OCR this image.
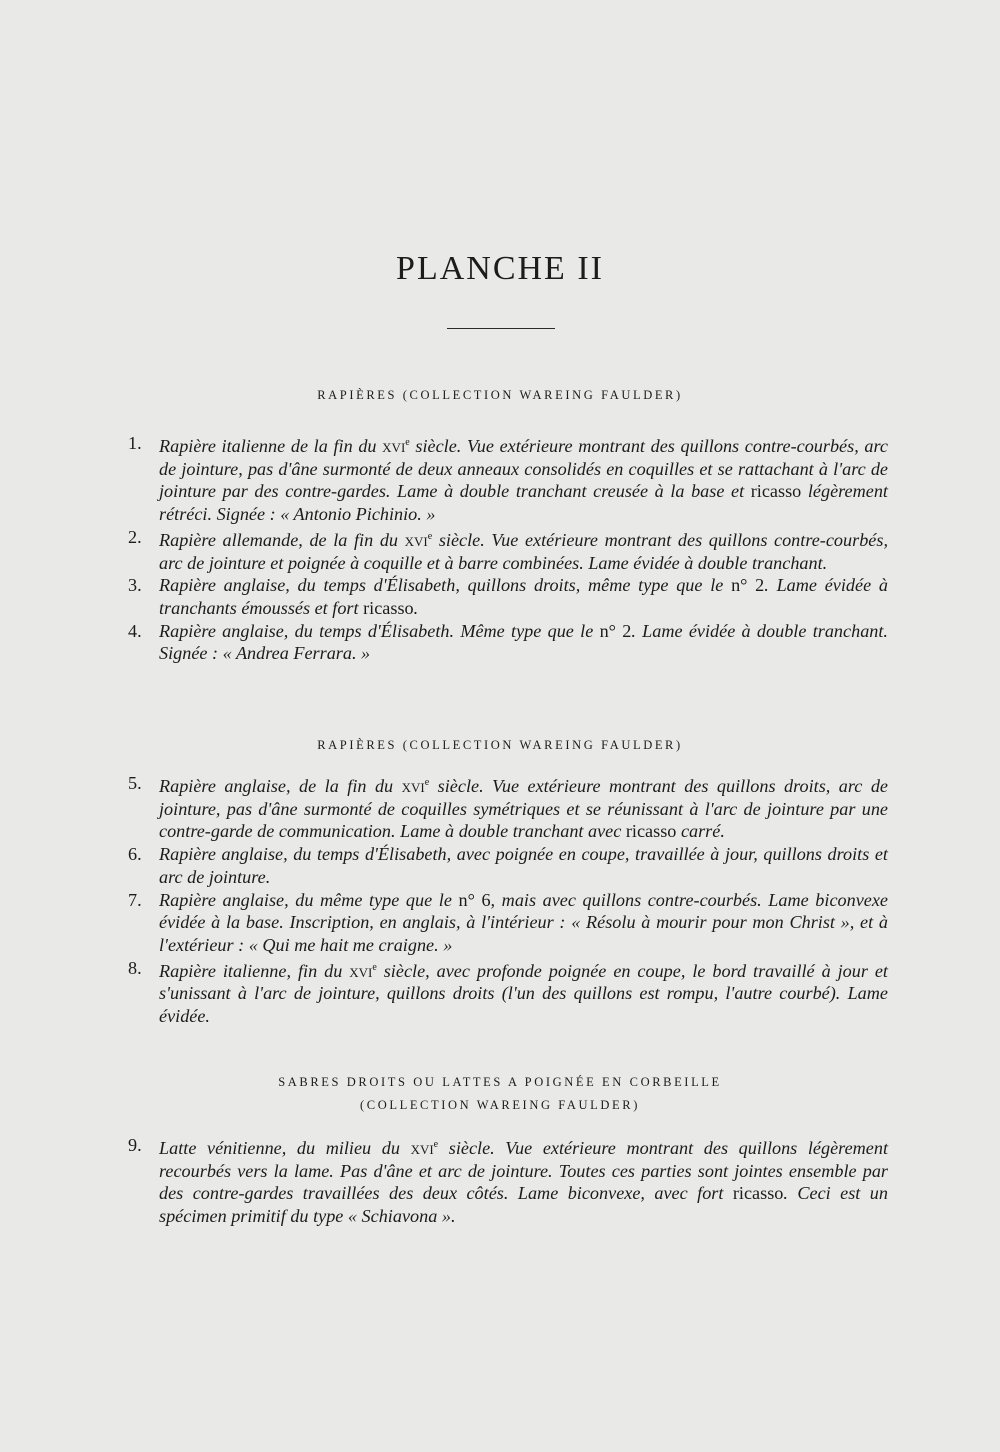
PLANCHE II
RAPIÈRES (COLLECTION WAREING FAULDER)
1. Rapière italienne de la fin du xvi$^e$ siècle. Vue extérieure montrant des quillons contre-courbés, arc de jointure, pas d'âne surmonté de deux anneaux consolidés en coquilles et se rattachant à l'arc de jointure par des contre-gardes. Lame à double tranchant creusée à la base et ricasso légèrement rétréci. Signée : « Antonio Pichinio. »
2. Rapière allemande, de la fin du xvi$^e$ siècle. Vue extérieure montrant des quillons contre-courbés, arc de jointure et poignée à coquille et à barre combinées. Lame évidée à double tranchant.
3. Rapière anglaise, du temps d'Élisabeth, quillons droits, même type que le n° 2. Lame évidée à tranchants émoussés et fort ricasso.
4. Rapière anglaise, du temps d'Élisabeth. Même type que le n° 2. Lame évidée à double tranchant. Signée : « Andrea Ferrara. »
RAPIÈRES (COLLECTION WAREING FAULDER)
5. Rapière anglaise, de la fin du xvi$^e$ siècle. Vue extérieure montrant des quillons droits, arc de jointure, pas d'âne surmonté de coquilles symétriques et se réunissant à l'arc de jointure par une contre-garde de communication. Lame à double tranchant avec ricasso carré.
6. Rapière anglaise, du temps d'Élisabeth, avec poignée en coupe, travaillée à jour, quillons droits et arc de jointure.
7. Rapière anglaise, du même type que le n° 6, mais avec quillons contre-courbés. Lame biconvexe évidée à la base. Inscription, en anglais, à l'intérieur : « Résolu à mourir pour mon Christ », et à l'extérieur : « Qui me hait me craigne. »
8. Rapière italienne, fin du xvi$^e$ siècle, avec profonde poignée en coupe, le bord travaillé à jour et s'unissant à l'arc de jointure, quillons droits (l'un des quillons est rompu, l'autre courbé). Lame évidée.
SABRES DROITS OU LATTES A POIGNÉE EN CORBEILLE
(COLLECTION WAREING FAULDER)
9. Latte vénitienne, du milieu du xvi$^e$ siècle. Vue extérieure montrant des quillons légèrement recourbés vers la lame. Pas d'âne et arc de jointure. Toutes ces parties sont jointes ensemble par des contre-gardes travaillées des deux côtés. Lame biconvexe, avec fort ricasso. Ceci est un spécimen primitif du type « Schiavona ».
